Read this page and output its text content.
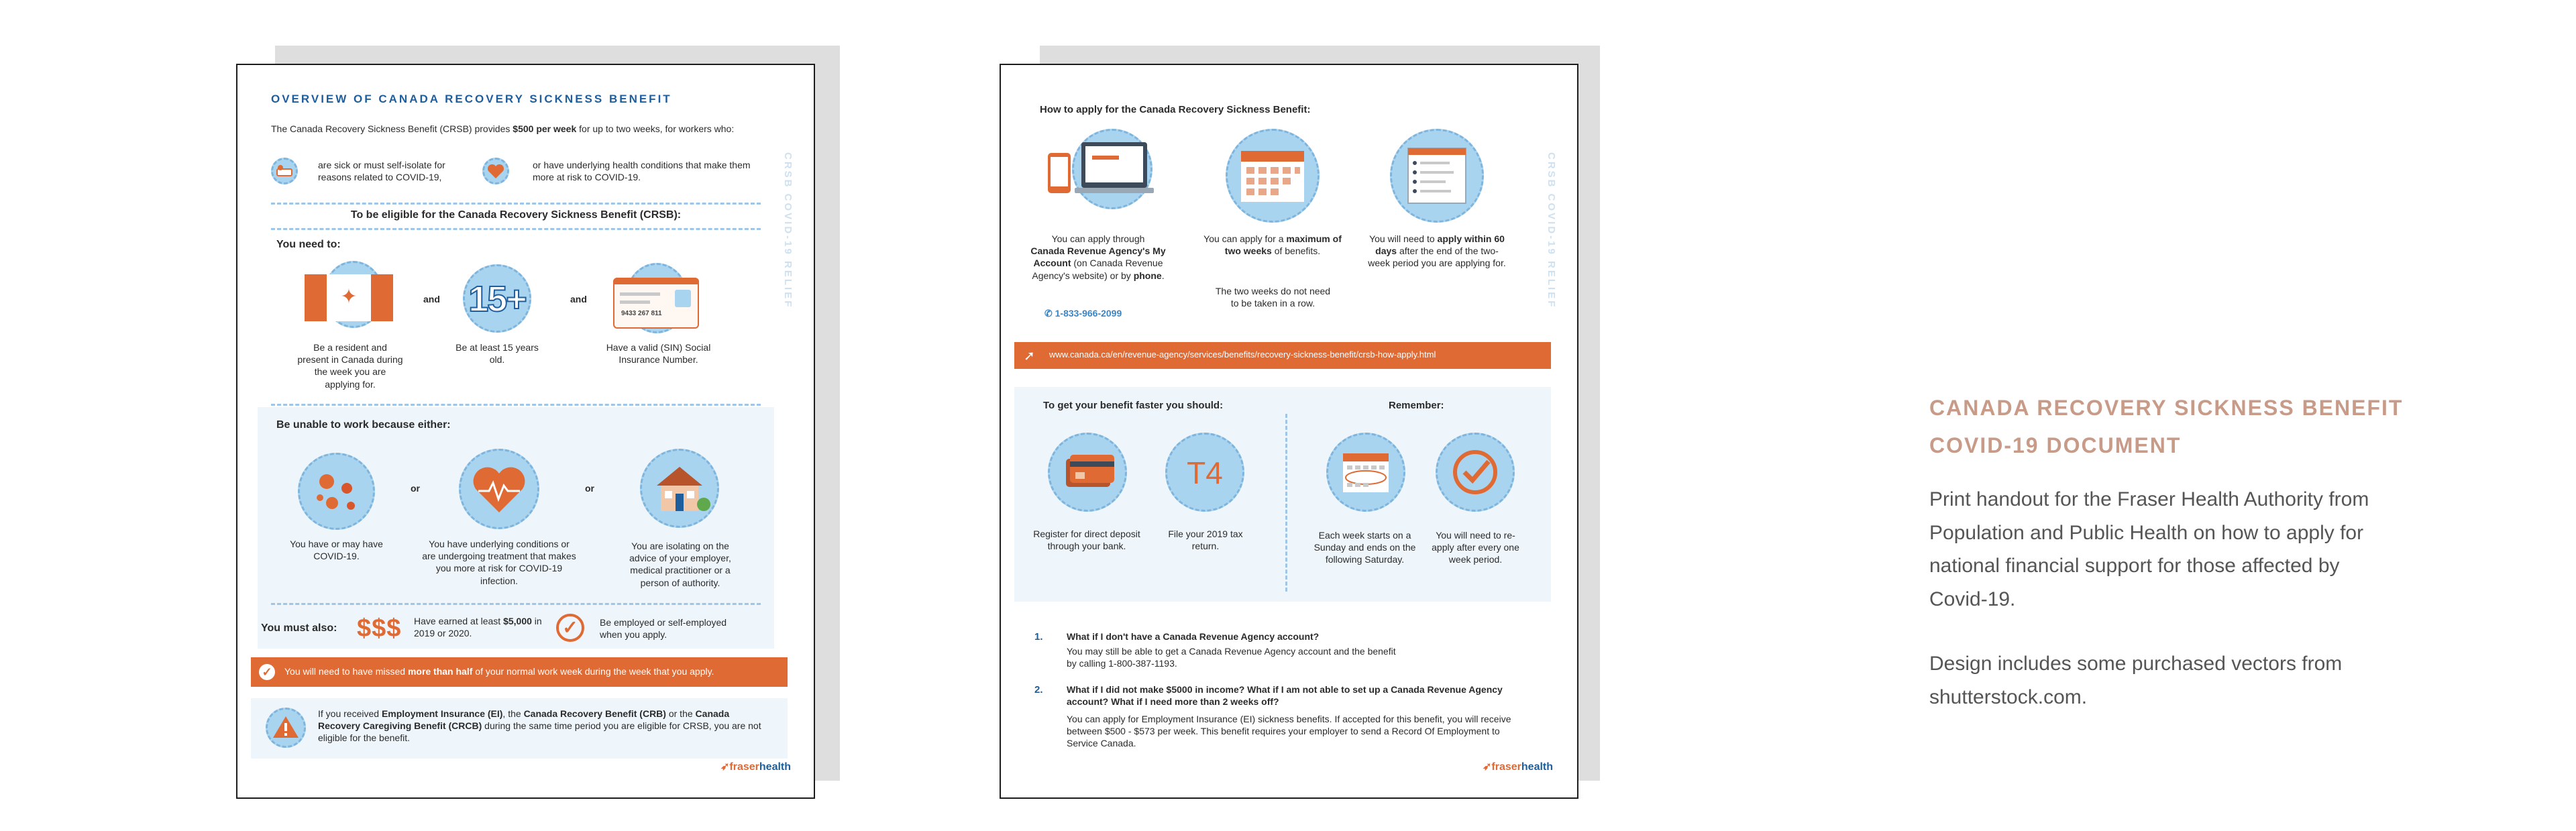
OVERVIEW OF CANADA RECOVERY SICKNESS BENEFIT
The Canada Recovery Sickness Benefit (CRSB) provides $500 per week for up to two weeks, for workers who:
are sick or must self-isolate for reasons related to COVID-19,
or have underlying health conditions that make them more at risk to COVID-19.
To be eligible for the Canada Recovery Sickness Benefit (CRSB):
You need to:
✦	and 15+	and
9433 267 811
Be a resident and present in Canada during the week you are applying for.
Be at least 15 years old.
Have a valid (SIN) Social Insurance Number.
Be unable to work because either:
or	or
You have or may have COVID-19.
You have underlying conditions or are undergoing treatment that makes you more at risk for COVID-19 infection.
You are isolating on the advice of your employer, medical practitioner or a person of authority.
You must also: $$$ Have earned at least $5,000 in 2019 or 2020.	✓	Be employed or self-employed when you apply.
✓	You will need to have missed more than half of your normal work week during the week that you apply.
If you received Employment Insurance (EI), the Canada Recovery Benefit (CRB) or the Canada Recovery Caregiving Benefit (CRCB) during the same time period you are eligible for CRSB, you are not eligible for the benefit.
➶fraserhealth
CRSB COVID-19 RELIEF
How to apply for the Canada Recovery Sickness Benefit:
You can apply through
Canada Revenue Agency's My Account (on Canada Revenue Agency's website) or by phone.
✆ 1-833-966-2099
You can apply for a maximum of two weeks of benefits.
The two weeks do not need to be taken in a row.
You will need to apply within 60 days after the end of the two-week period you are applying for.
➚ www.canada.ca/en/revenue-agency/services/benefits/recovery-sickness-benefit/crsb-how-apply.html
To get your benefit faster you should:	Remember:
T4
Register for direct deposit through your bank.
File your 2019 tax return.
Each week starts on a Sunday and ends on the following Saturday.
You will need to re-apply after every one week period.
1.	What if I don't have a Canada Revenue Agency account?
You may still be able to get a Canada Revenue Agency account and the benefit by calling 1-800-387-1193.
2.	What if I did not make $5000 in income? What if I am not able to set up a Canada Revenue Agency account? What if I need more than 2 weeks off?
You can apply for Employment Insurance (EI) sickness benefits. If accepted for this benefit, you will receive between $500 - $573 per week. This benefit requires your employer to send a Record Of Employment to Service Canada.
➶fraserhealth
CRSB COVID-19 RELIEF
CANADA RECOVERY SICKNESS BENEFIT
COVID-19 DOCUMENT
Print handout for the Fraser Health Authority from Population and Public Health on how to apply for national financial support for those affected by Covid-19.
Design includes some purchased vectors from shutterstock.com.
